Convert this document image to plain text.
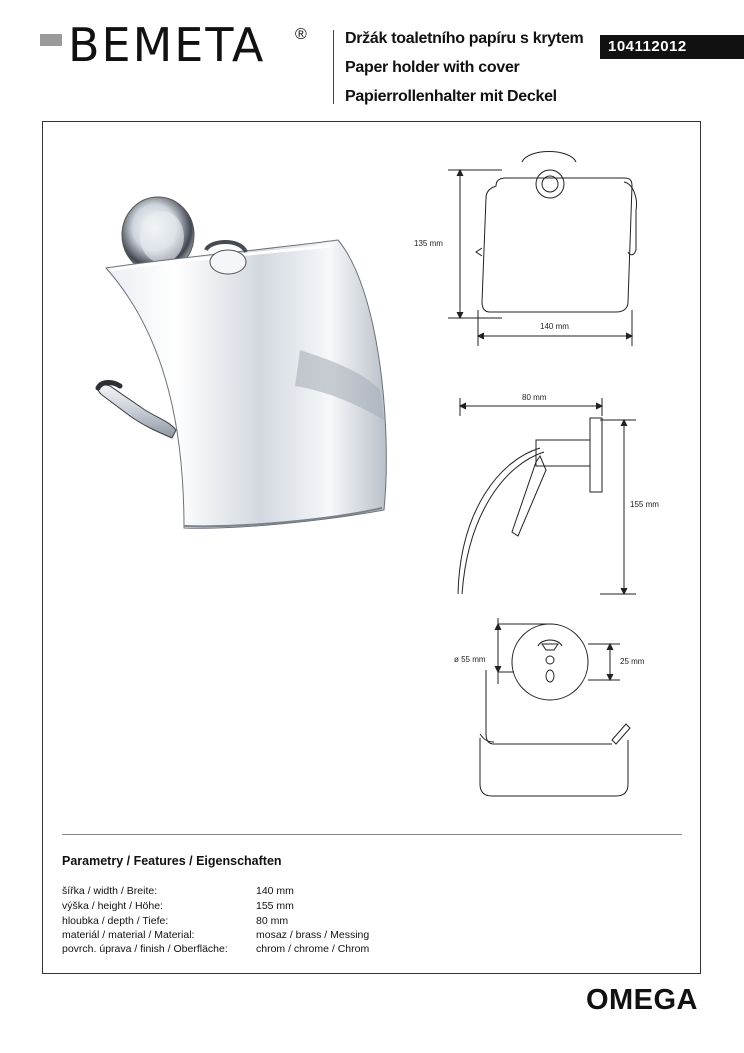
BEMETA ® Držák toaletního papíru s krytem
Paper holder with cover
Papierrollenhalter mit Deckel
104112012
135 mm
140 mm
80 mm
155 mm
ø 55 mm	25 mm
Parametry / Features / Eigenschaften
šířka / width / Breite:	140 mm
výška / height / Höhe:	155 mm
hloubka / depth / Tiefe:	80 mm
materiál / material / Material:	mosaz / brass / Messing
povrch. úprava / finish / Oberfläche:	chrom / chrome / Chrom
OMEGA
